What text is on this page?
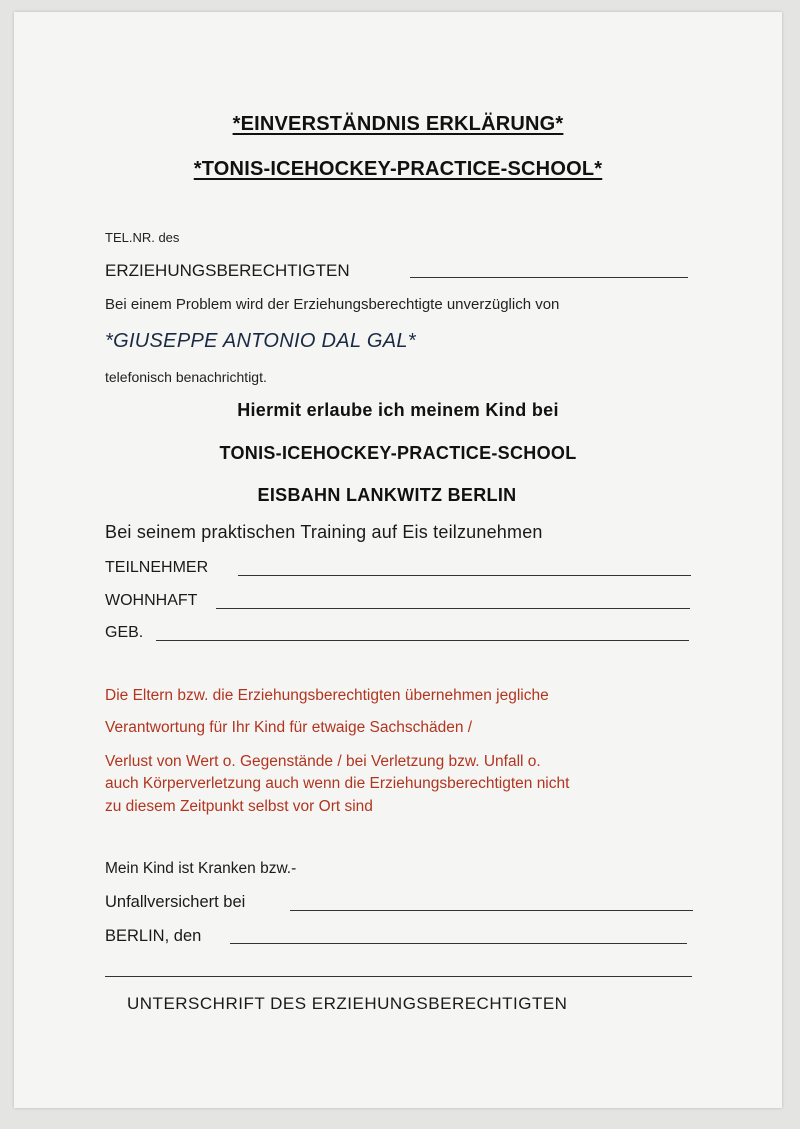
*EINVERSTÄNDNIS ERKLÄRUNG*
*TONIS-ICEHOCKEY-PRACTICE-SCHOOL*
TEL.NR. des
ERZIEHUNGSBERECHTIGTEN
Bei einem Problem wird der Erziehungsberechtigte unverzüglich von
*GIUSEPPE ANTONIO DAL GAL*
telefonisch benachrichtigt.
Hiermit erlaube ich meinem Kind bei
TONIS-ICEHOCKEY-PRACTICE-SCHOOL
EISBAHN LANKWITZ BERLIN
Bei seinem praktischen Training auf Eis teilzunehmen
TEILNEHMER
WOHNHAFT
GEB.
Die Eltern bzw. die Erziehungsberechtigten übernehmen jegliche
Verantwortung für Ihr Kind für etwaige Sachschäden /
Verlust von Wert o. Gegenstände / bei Verletzung bzw. Unfall o.
auch Körperverletzung auch wenn die Erziehungsberechtigten nicht
zu diesem Zeitpunkt selbst vor Ort sind
Mein Kind ist Kranken bzw.-
Unfallversichert bei
BERLIN, den
UNTERSCHRIFT DES ERZIEHUNGSBERECHTIGTEN
